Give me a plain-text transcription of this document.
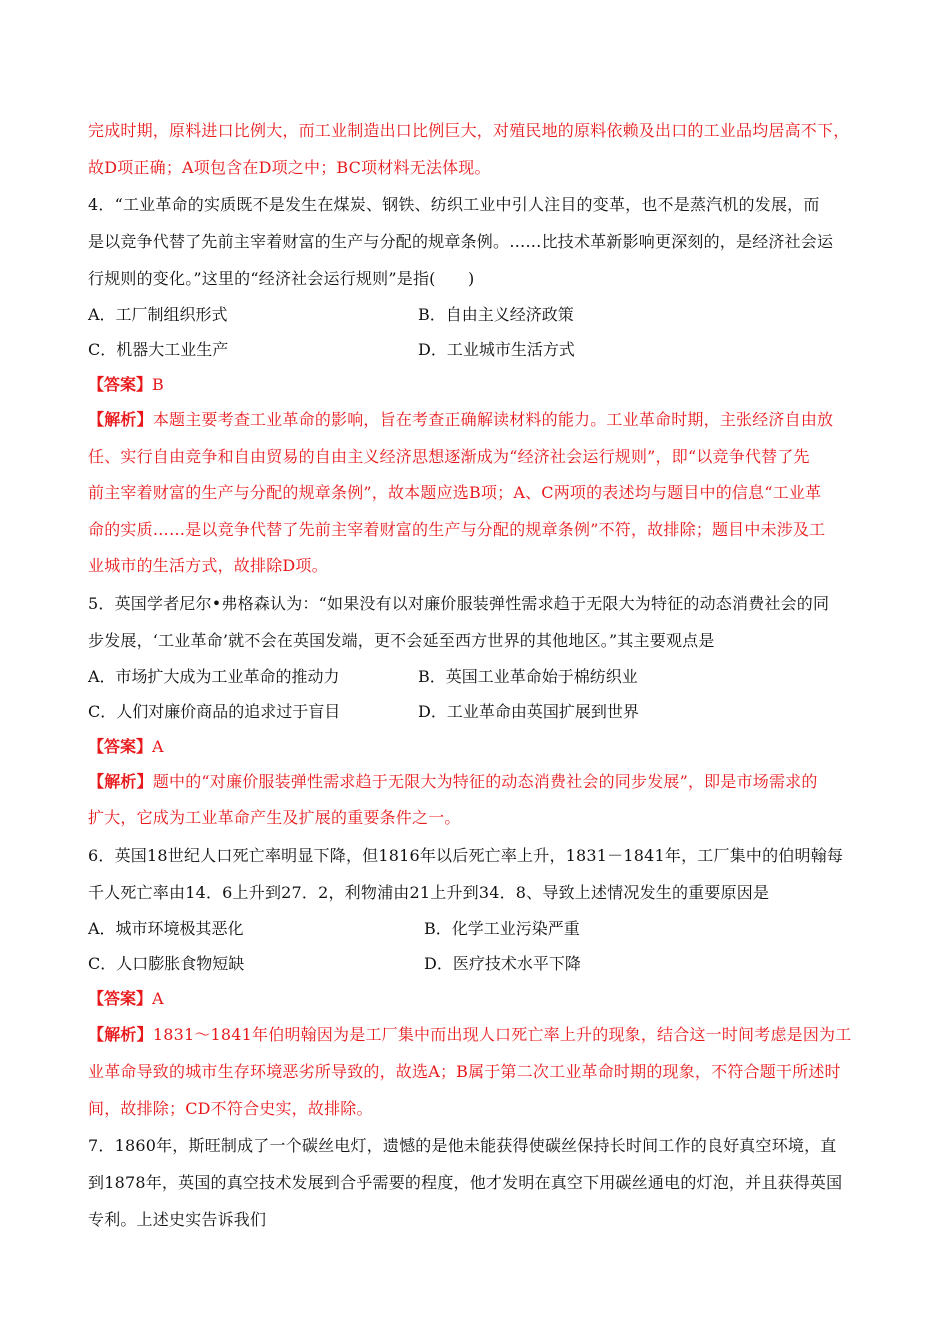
完成时期，原料进口比例大，而工业制造出口比例巨大，对殖民地的原料依赖及出口的工业品均居高不下，
故D项正确；A项包含在D项之中；BC项材料无法体现。
4．“工业革命的实质既不是发生在煤炭、钢铁、纺织工业中引人注目的变革，也不是蒸汽机的发展，而
是以竞争代替了先前主宰着财富的生产与分配的规章条例。……比技术革新影响更深刻的，是经济社会运
行规则的变化。”这里的“经济社会运行规则”是指(　　)
A．工厂制组织形式	B．自由主义经济政策
C．机器大工业生产	D．工业城市生活方式
【答案】B
【解析】本题主要考查工业革命的影响，旨在考查正确解读材料的能力。工业革命时期，主张经济自由放
任、实行自由竞争和自由贸易的自由主义经济思想逐渐成为“经济社会运行规则”，即“以竞争代替了先
前主宰着财富的生产与分配的规章条例”，故本题应选B项；A、C两项的表述均与题目中的信息“工业革
命的实质……是以竞争代替了先前主宰着财富的生产与分配的规章条例”不符，故排除；题目中未涉及工
业城市的生活方式，故排除D项。
5．英国学者尼尔•弗格森认为：“如果没有以对廉价服装弹性需求趋于无限大为特征的动态消费社会的同
步发展，‘工业革命’就不会在英国发端，更不会延至西方世界的其他地区。”其主要观点是
A．市场扩大成为工业革命的推动力	B．英国工业革命始于棉纺织业
C．人们对廉价商品的追求过于盲目	D．工业革命由英国扩展到世界
【答案】A
【解析】题中的“对廉价服装弹性需求趋于无限大为特征的动态消费社会的同步发展”，即是市场需求的
扩大，它成为工业革命产生及扩展的重要条件之一。
6．英国18世纪人口死亡率明显下降，但1816年以后死亡率上升，1831－1841年，工厂集中的伯明翰每
千人死亡率由14．6上升到27．2，利物浦由21上升到34．8、导致上述情况发生的重要原因是
A．城市环境极其恶化	B．化学工业污染严重
C．人口膨胀食物短缺	D．医疗技术水平下降
【答案】A
【解析】1831～1841年伯明翰因为是工厂集中而出现人口死亡率上升的现象，结合这一时间考虑是因为工
业革命导致的城市生存环境恶劣所导致的，故选A；B属于第二次工业革命时期的现象，不符合题干所述时
间，故排除；CD不符合史实，故排除。
7．1860年，斯旺制成了一个碳丝电灯，遗憾的是他未能获得使碳丝保持长时间工作的良好真空环境，直
到1878年，英国的真空技术发展到合乎需要的程度，他才发明在真空下用碳丝通电的灯泡，并且获得英国
专利。上述史实告诉我们
